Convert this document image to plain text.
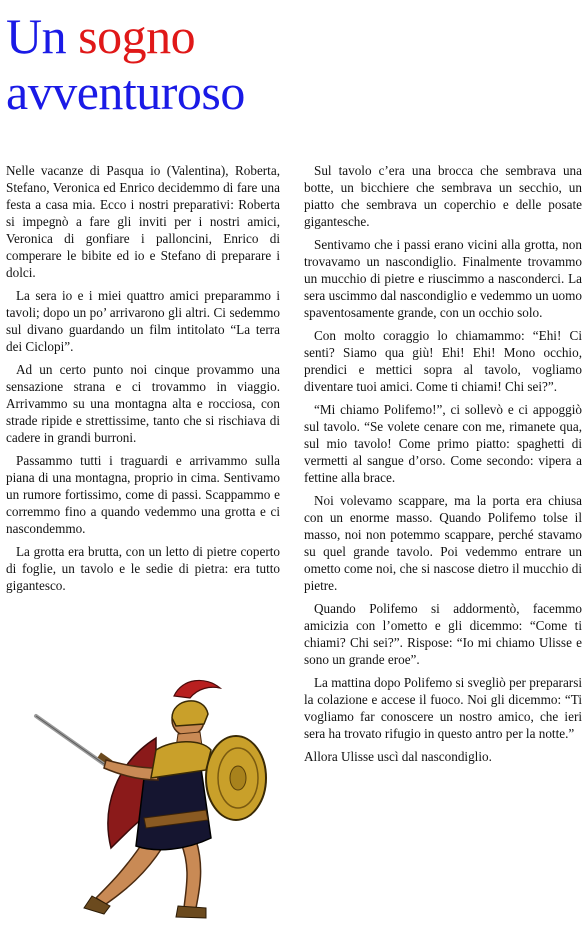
Un sogno
avventuroso

Nelle vacanze di Pasqua io (Valentina), Roberta, Stefano, Veronica ed Enrico decidemmo di fare una festa a casa mia. Ecco i nostri preparativi: Roberta si impegnò a fare gli inviti per i nostri amici, Veronica di gonfiare i palloncini, Enrico di comperare le bibite ed io e Stefano di preparare i dolci.

La sera io e i miei quattro amici preparammo i tavoli; dopo un po’ arrivarono gli altri. Ci sedemmo sul divano guardando un film intitolato “La terra dei Ciclopi”.

Ad un certo punto noi cinque provammo una sensazione strana e ci trovammo in viaggio. Arrivammo su una montagna alta e rocciosa, con strade ripide e strettissime, tanto che si rischiava di cadere in grandi burroni.

Passammo tutti i traguardi e arrivammo sulla piana di una montagna, proprio in cima. Sentivamo un rumore fortissimo, come di passi. Scappammo e corremmo fino a quando vedemmo una grotta e ci nascondemmo.

La grotta era brutta, con un letto di pietre coperto di foglie, un tavolo e le sedie di pietra: era tutto gigantesco.

Sul tavolo c’era una brocca che sembrava una botte, un bicchiere che sembrava un secchio, un piatto che sembrava un coperchio e delle posate gigantesche.

Sentivamo che i passi erano vicini alla grotta, non trovavamo un nascondiglio. Finalmente trovammo un mucchio di pietre e riuscimmo a nasconderci. La sera uscimmo dal nascondiglio e vedemmo un uomo spaventosamente grande, con un occhio solo.

Con molto coraggio lo chiamammo: “Ehi! Ci senti? Siamo qua giù! Ehi! Ehi! Mono occhio, prendici e mettici sopra al tavolo, vogliamo diventare tuoi amici. Come ti chiami! Chi sei?”.

“Mi chiamo Polifemo!”, ci sollevò e ci appoggiò sul tavolo. “Se volete cenare con me, rimanete qua, sul mio tavolo! Come primo piatto: spaghetti di vermetti al sangue d’orso. Come secondo: vipera a fettine alla brace.

Noi volevamo scappare, ma la porta era chiusa con un enorme masso. Quando Polifemo tolse il masso, noi non potemmo scappare, perché stavamo su quel grande tavolo. Poi vedemmo entrare un ometto come noi, che si nascose dietro il mucchio di pietre.

Quando Polifemo si addormentò, facemmo amicizia con l’ometto e gli dicemmo: “Come ti chiami? Chi sei?”. Rispose: “Io mi chiamo Ulisse e sono un grande eroe”.

La mattina dopo Polifemo si svegliò per prepararsi la colazione e accese il fuoco. Noi gli dicemmo: “Ti vogliamo far conoscere un nostro amico, che ieri sera ha trovato rifugio in questo antro per la notte.”

Allora Ulisse uscì dal nascondiglio.
